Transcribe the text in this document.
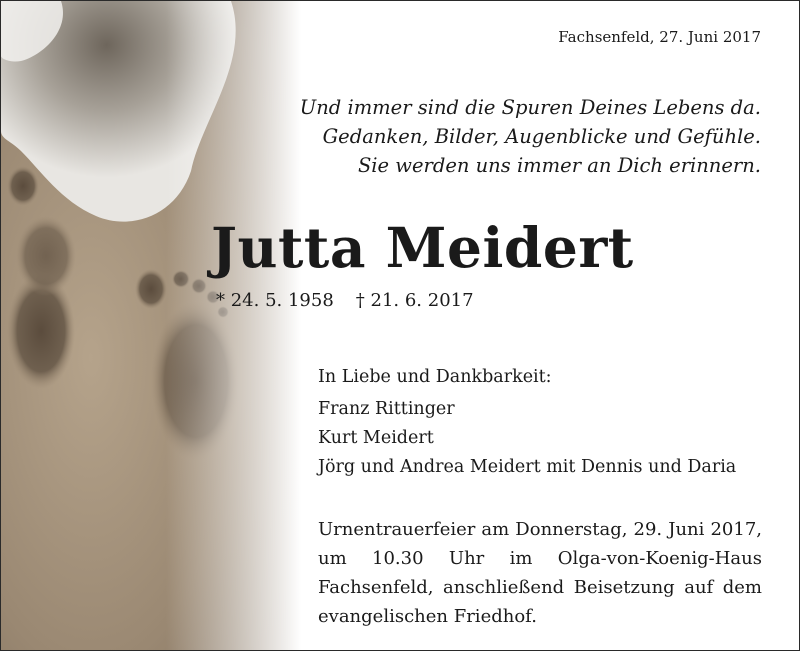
Fachsenfeld, 27. Juni 2017
Und immer sind die Spuren Deines Lebens da.
Gedanken, Bilder, Augenblicke und Gefühle.
Sie werden uns immer an Dich erinnern.
Jutta Meidert
* 24. 5. 1958 † 21. 6. 2017
In Liebe und Dankbarkeit:
Franz Rittinger
Kurt Meidert
Jörg und Andrea Meidert mit Dennis und Daria
Urnentrauerfeier am Donnerstag, 29. Juni 2017, um 10.30 Uhr im Olga-von-Koenig-Haus Fachsenfeld, anschließend Beisetzung auf dem evangelischen Friedhof.
